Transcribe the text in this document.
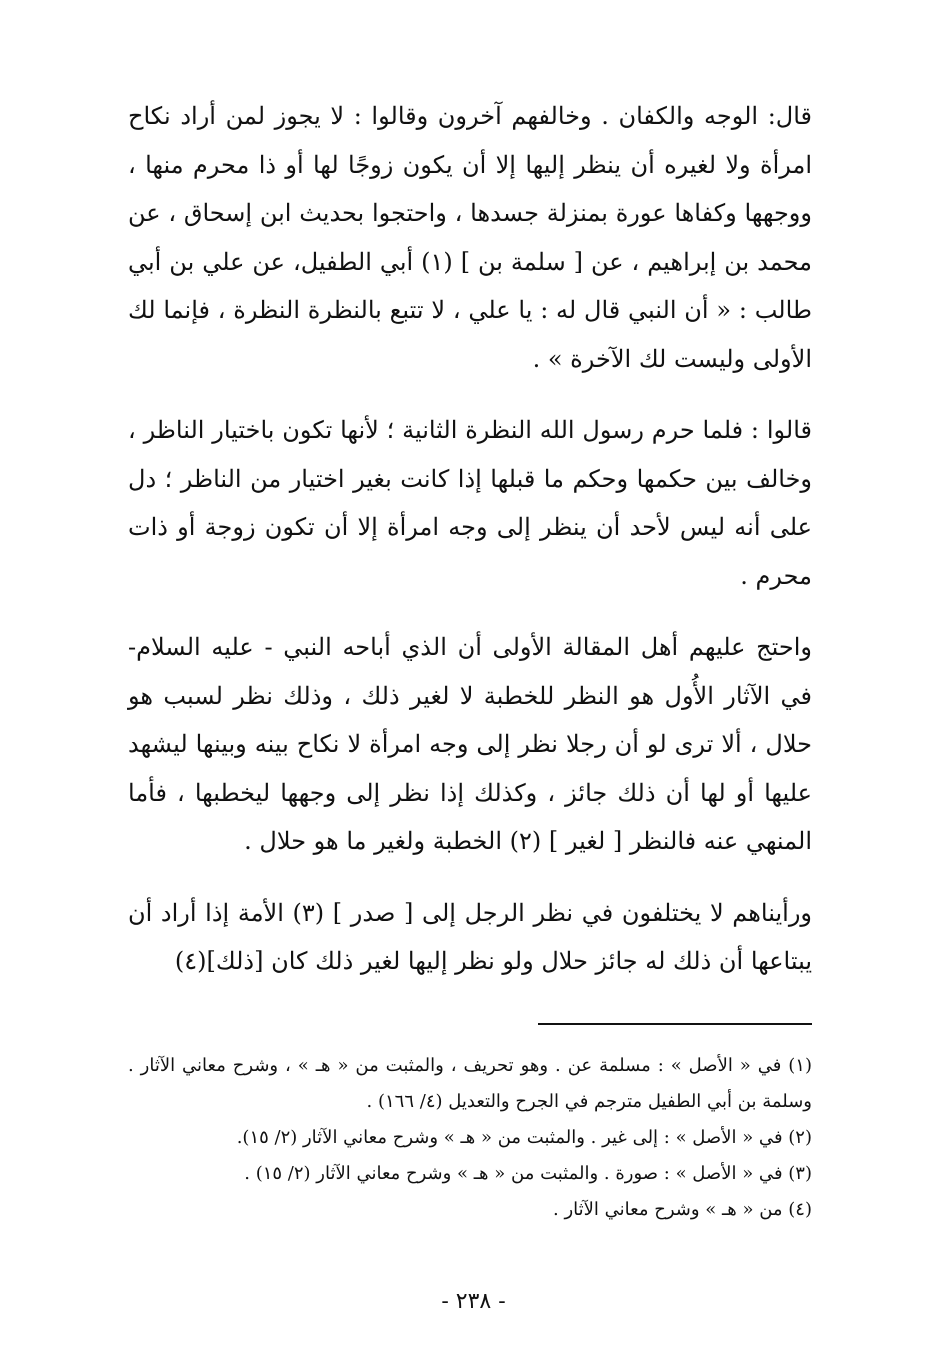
قال: الوجه والكفان . وخالفهم آخرون وقالوا : لا يجوز لمن أراد نكاح امرأة ولا لغيره أن ينظر إليها إلا أن يكون زوجًا لها أو ذا محرم منها ، ووجهها وكفاها عورة بمنزلة جسدها ، واحتجوا بحديث ابن إسحاق ، عن محمد بن إبراهيم ، عن [ سلمة بن ] (١) أبي الطفيل، عن علي بن أبي طالب : « أن النبي قال له : يا علي ، لا تتبع بالنظرة النظرة ، فإنما لك الأولى وليست لك الآخرة » .

قالوا : فلما حرم رسول الله النظرة الثانية ؛ لأنها تكون باختيار الناظر ، وخالف بين حكمها وحكم ما قبلها إذا كانت بغير اختيار من الناظر ؛ دل على أنه ليس لأحد أن ينظر إلى وجه امرأة إلا أن تكون زوجة أو ذات محرم .

واحتج عليهم أهل المقالة الأولى أن الذي أباحه النبي - عليه السلام- في الآثار الأُول هو النظر للخطبة لا لغير ذلك ، وذلك نظر لسبب هو حلال ، ألا ترى لو أن رجلا نظر إلى وجه امرأة لا نكاح بينه وبينها ليشهد عليها أو لها أن ذلك جائز ، وكذلك إذا نظر إلى وجهها ليخطبها ، فأما المنهي عنه فالنظر [ لغير ] (٢) الخطبة ولغير ما هو حلال .

ورأيناهم لا يختلفون في نظر الرجل إلى [ صدر ] (٣) الأمة إذا أراد أن يبتاعها أن ذلك له جائز حلال ولو نظر إليها لغير ذلك كان [ذلك](٤)

(١) في « الأصل » : مسلمة عن . وهو تحريف ، والمثبت من « هـ » ، وشرح معاني الآثار . وسلمة بن أبي الطفيل مترجم في الجرح والتعديل (٤/ ١٦٦) .

(٢) في « الأصل » : إلى غير . والمثبت من « هـ » وشرح معاني الآثار (٢/ ١٥).

(٣) في « الأصل » : صورة . والمثبت من « هـ » وشرح معاني الآثار (٢/ ١٥) .

(٤) من « هـ » وشرح معاني الآثار .

- ٢٣٨ -
